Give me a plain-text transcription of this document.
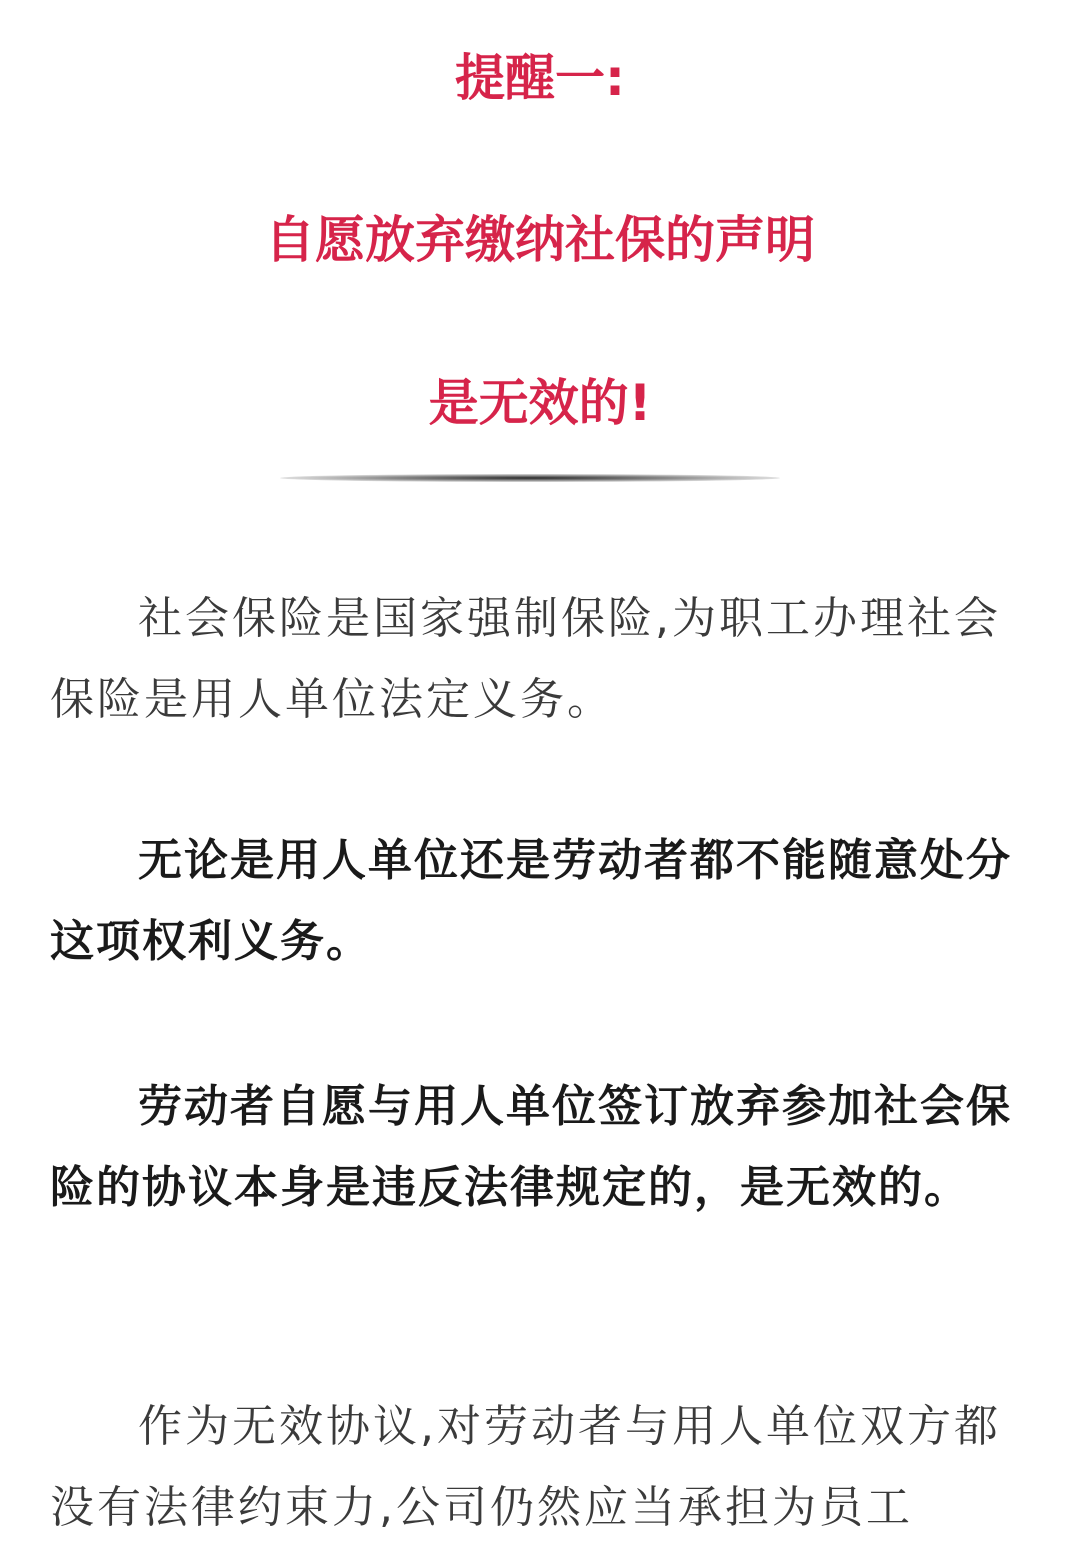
提醒一:
自愿放弃缴纳社保的声明
是无效的!

社会保险是国家强制保险,为职工办理社会保险是用人单位法定义务。

无论是用人单位还是劳动者都不能随意处分这项权利义务。

劳动者自愿与用人单位签订放弃参加社会保险的协议本身是违反法律规定的，是无效的。

作为无效协议,对劳动者与用人单位双方都没有法律约束力,公司仍然应当承担为员工
